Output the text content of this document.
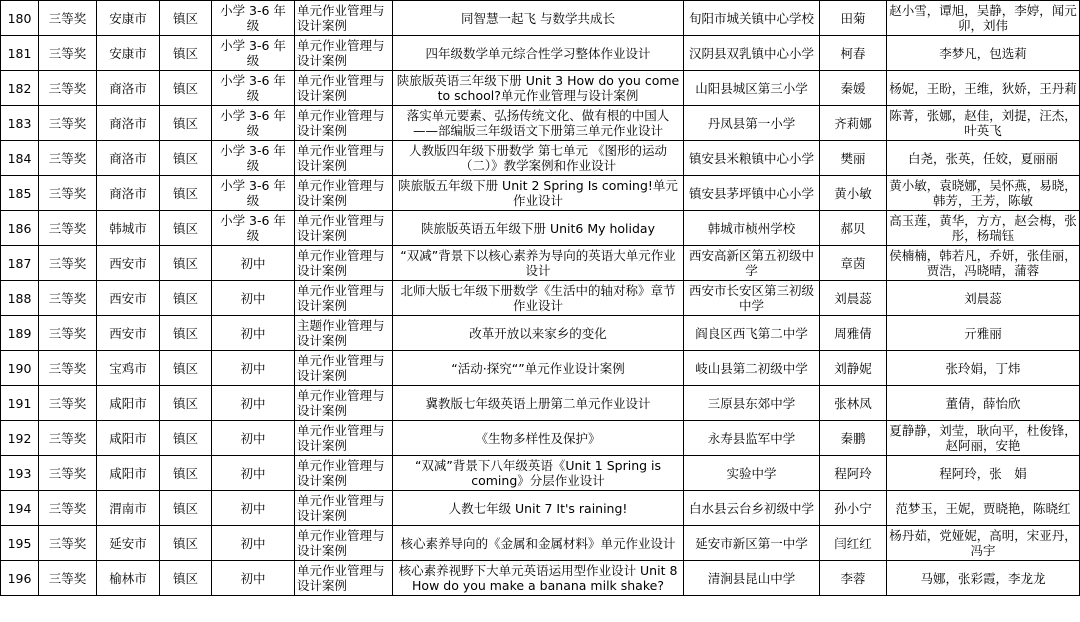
180	三等奖	安康市	镇区	小学 3-6 年级	单元作业管理与设计案例	同智慧一起飞 与数学共成长	旬阳市城关镇中心学校	田菊	赵小雪，谭旭，吴静，李婷，闻元卯，刘伟
181	三等奖	安康市	镇区	小学 3-6 年级	单元作业管理与设计案例	四年级数学单元综合性学习整体作业设计	汉阴县双乳镇中心小学	柯春	李梦凡，包选莉
182	三等奖	商洛市	镇区	小学 3-6 年级	单元作业管理与设计案例	陕旅版英语三年级下册 Unit 3 How do you come to school?单元作业管理与设计案例	山阳县城区第三小学	秦媛	杨妮，王盼，王维，狄娇，王丹莉
183	三等奖	商洛市	镇区	小学 3-6 年级	单元作业管理与设计案例	落实单元要素、弘扬传统文化、做有根的中国人——部编版三年级语文下册第三单元作业设计	丹凤县第一小学	齐莉娜	陈菁，张娜，赵佳，刘提，汪杰，叶英飞
184	三等奖	商洛市	镇区	小学 3-6 年级	单元作业管理与设计案例	人教版四年级下册数学 第七单元 《图形的运动（二）》教学案例和作业设计	镇安县米粮镇中心小学	樊丽	白尧，张英，任姣，夏丽丽
185	三等奖	商洛市	镇区	小学 3-6 年级	单元作业管理与设计案例	陕旅版五年级下册 Unit 2 Spring Is coming!单元作业设计	镇安县茅坪镇中心小学	黄小敏	黄小敏，袁晓娜，吴怀燕，易晓，韩芳，王芳，陈敏
186	三等奖	韩城市	镇区	小学 3-6 年级	单元作业管理与设计案例	陕旅版英语五年级下册 Unit6 My holiday	韩城市桢州学校	郝贝	高玉莲，黄华，方方，赵会梅，张彤，杨瑞钰
187	三等奖	西安市	镇区	初中	单元作业管理与设计案例	“双减”背景下以核心素养为导向的英语大单元作业设计	西安高新区第五初级中学	章茵	侯楠楠，韩若凡，乔妍，张佳丽，贾浩，冯晓晴，蒲蓉
188	三等奖	西安市	镇区	初中	单元作业管理与设计案例	北师大版七年级下册数学《生活中的轴对称》章节作业设计	西安市长安区第三初级中学	刘晨蕊	刘晨蕊
189	三等奖	西安市	镇区	初中	主题作业管理与设计案例	改革开放以来家乡的变化	阎良区西飞第二中学	周雅倩	亓雅丽
190	三等奖	宝鸡市	镇区	初中	单元作业管理与设计案例	“活动·探究“”单元作业设计案例	岐山县第二初级中学	刘静妮	张玲娟，丁炜
191	三等奖	咸阳市	镇区	初中	单元作业管理与设计案例	冀教版七年级英语上册第二单元作业设计	三原县东郊中学	张林凤	董倩，薛怡欣
192	三等奖	咸阳市	镇区	初中	单元作业管理与设计案例	《生物多样性及保护》	永寿县监军中学	秦鹏	夏静静，刘莹，耿向平，杜俊锋，赵阿丽，安艳
193	三等奖	咸阳市	镇区	初中	单元作业管理与设计案例	“双减”背景下八年级英语《Unit 1 Spring is coming》分层作业设计	实验中学	程阿玲	程阿玲，张　娟
194	三等奖	渭南市	镇区	初中	单元作业管理与设计案例	人教七年级 Unit 7 It's raining!	白水县云台乡初级中学	孙小宁	范梦玉，王妮，贾晓艳，陈晓红
195	三等奖	延安市	镇区	初中	单元作业管理与设计案例	核心素养导向的《金属和金属材料》单元作业设计	延安市新区第一中学	闫红红	杨丹茹，党娅妮，高明，宋亚丹，冯宇
196	三等奖	榆林市	镇区	初中	单元作业管理与设计案例	核心素养视野下大单元英语运用型作业设计 Unit 8 How do you make a banana milk shake?	清涧县昆山中学	李蓉	马娜，张彩霞，李龙龙
